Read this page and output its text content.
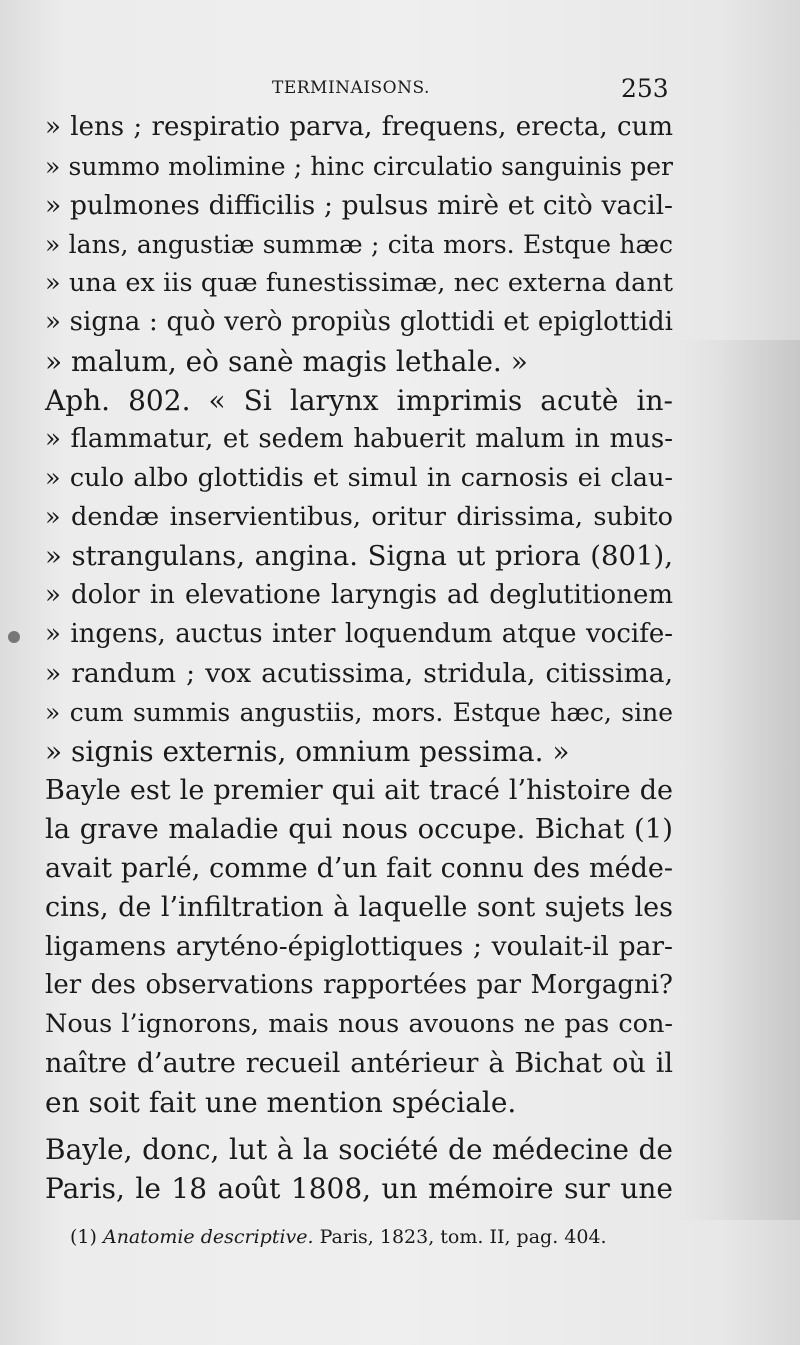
TERMINAISONS.	253
» lens ; respiratio parva, frequens, erecta, cum
» summo molimine ; hinc circulatio sanguinis per
» pulmones difficilis ; pulsus mirè et citò vacil-
» lans, angustiæ summæ ; cita mors. Estque hæc
» una ex iis quæ funestissimæ, nec externa dant
» signa : quò verò propiùs glottidi et epiglottidi
» malum, eò sanè magis lethale. »
Aph. 802. « Si larynx imprimis acutè in-
» flammatur, et sedem habuerit malum in mus-
» culo albo glottidis et simul in carnosis ei clau-
» dendæ inservientibus, oritur dirissima, subito
» strangulans, angina. Signa ut priora (801),
» dolor in elevatione laryngis ad deglutitionem
» ingens, auctus inter loquendum atque vocife-
» randum ; vox acutissima, stridula, citissima,
» cum summis angustiis, mors. Estque hæc, sine
» signis externis, omnium pessima. »
Bayle est le premier qui ait tracé l’histoire de
la grave maladie qui nous occupe. Bichat (1)
avait parlé, comme d’un fait connu des méde-
cins, de l’infiltration à laquelle sont sujets les
ligamens aryténo-épiglottiques ; voulait-il par-
ler des observations rapportées par Morgagni?
Nous l’ignorons, mais nous avouons ne pas con-
naître d’autre recueil antérieur à Bichat où il
en soit fait une mention spéciale.
Bayle, donc, lut à la société de médecine de
Paris, le 18 août 1808, un mémoire sur une
(1) Anatomie descriptive. Paris, 1823, tom. II, pag. 404.
